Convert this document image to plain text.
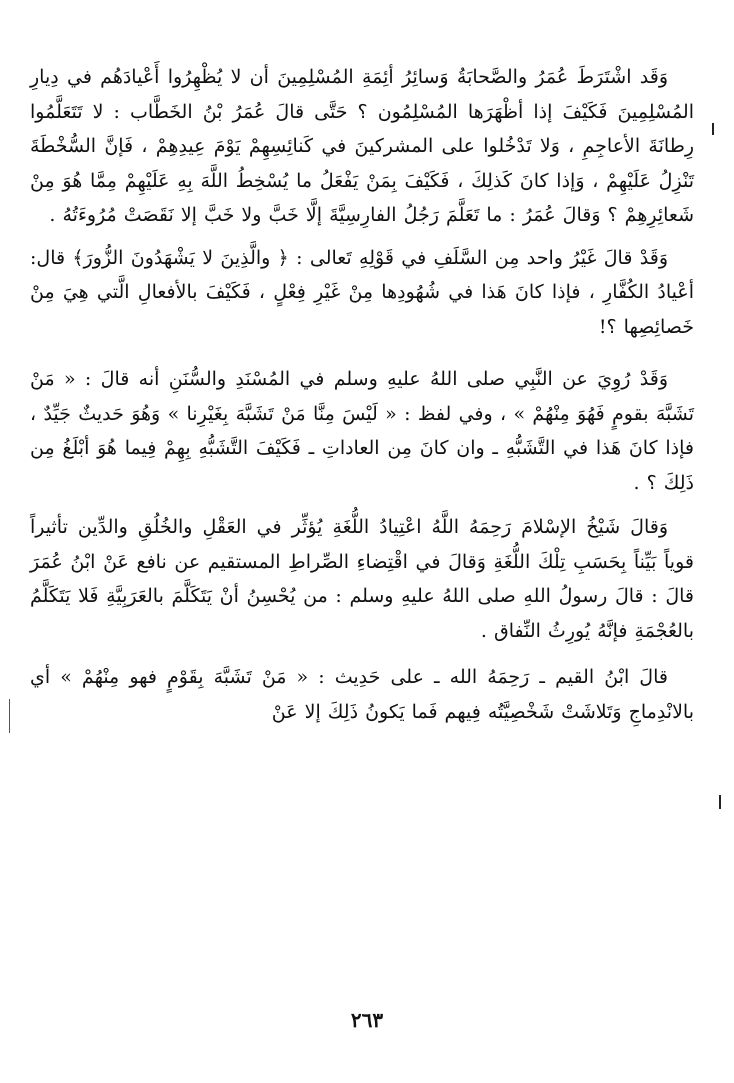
وَقَد اشْتَرَطَ عُمَرُ والصَّحابَةُ وَسائِرُ أئِمَةِ المُسْلِمِينَ أن لا يُظْهِرُوا أَعْيادَهُم في دِيارِ المُسْلِمِينَ فَكَيْفَ إذا أظْهَرَها المُسْلِمُون ؟ حَتَّى قالَ عُمَرُ بْنُ الخَطَّاب : لا تَتَعَلَّمُوا رِطانَةَ الأعاجِمِ ، وَلا تَدْخُلوا على المشركينَ في كَنائِسِهِمْ يَوْمَ عِيدِهِمْ ، فَإنَّ السُّخْطَةَ تَنْزِلُ عَلَيْهِمْ ، وَإذا كانَ كَذلِكَ ، فَكَيْفَ بِمَنْ يَفْعَلُ ما يُسْخِطُ اللَّهَ بِهِ عَلَيْهِمْ مِمَّا هُوَ مِنْ شَعائِرِهِمْ ؟ وَقالَ عُمَرُ : ما تَعَلَّمَ رَجُلُ الفارِسِيَّةَ إلَّا خَبَّ ولا خَبَّ إلا نَقَصَتْ مُرُوءَتُهُ .

وَقَدْ قالَ غَيْرُ واحد مِن السَّلَفِ في قَوْلِهِ تَعالى : ﴿ والَّذِينَ لا يَشْهَدُونَ الزُّورَ﴾ قال: أعْيادُ الكُفَّارِ ، فإذا كانَ هَذا في شُهُودِها مِنْ غَيْرِ فِعْلٍ ، فَكَيْفَ بالأفعالِ الَّتي هِيَ مِنْ خَصائِصِها ؟!

وَقَدْ رُوِيَ عن النَّبِي صلى اللهُ عليهِ وسلم في المُسْنَدِ والسُّنَنِ أنه قالَ : « مَنْ تَشَبَّهَ بقومٍ فَهُوَ مِنْهُمْ » ، وفي لفظ : « لَيْسَ مِنَّا مَنْ تَشَبَّهَ بِغَيْرِنا » وَهُوَ حَديثٌ جَيِّدٌ ، فإذا كانَ هَذا في التَّشَبُّهِ ـ وان كانَ مِن العاداتِ ـ فَكَيْفَ التَّشَبُّهِ بِهِمْ فِيما هُوَ أبْلَغُ مِن ذَلِكَ ؟ .

وَقالَ شَيْخُ الإسْلامَ رَحِمَهُ اللَّهُ اعْتِيادُ اللُّغَةِ يُؤثِّر في العَقْلِ والخُلُقِ والدِّين تأثيراً قوياً بَيِّناً بِحَسَبِ تِلْكَ اللُّغَةِ وَقالَ في اقْتِضاءِ الصِّراطِ المستقيم عن نافع عَنْ ابْنُ عُمَرَ قالَ : قالَ رسولُ اللهِ صلى اللهُ عليهِ وسلم : من يُحْسِنُ أنْ يَتَكَلَّمَ بالعَرَبِيَّةِ فَلا يَتَكَلَّمُ بالعُجْمَةِ فإنَّهُ يُورِثُ النِّفاق .

قالَ ابْنُ القيم ـ رَحِمَهُ الله ـ على حَدِيث : « مَنْ تَشَبَّهَ بِقَوْمٍ فهو مِنْهُمْ » أي بالانْدِماجِ وَتَلاشَتْ شَخْصِيَّتُه فِيهم فَما يَكونُ ذَلِكَ إلا عَنْ

٢٦٣
